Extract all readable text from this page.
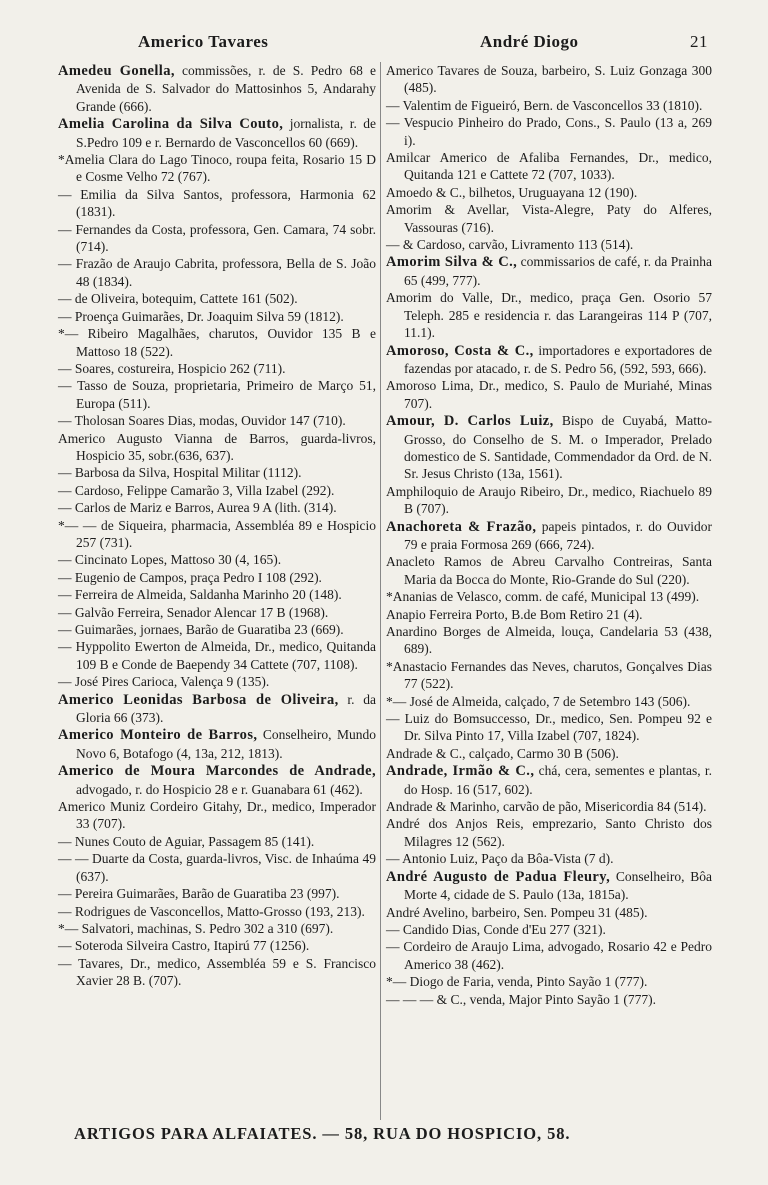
Americo Tavares	André Diogo	21
Amedeu Gonella, commissões, r. de S. Pedro 68 e Avenida de S. Salvador do Mattosinhos 5, Andarahy Grande (666).
Amelia Carolina da Silva Couto, jornalista, r. de S.Pedro 109 e r. Bernardo de Vasconcellos 60 (669).
*Amelia Clara do Lago Tinoco, roupa feita, Rosario 15 D e Cosme Velho 72 (767).
— Emilia da Silva Santos, professora, Harmonia 62 (1831).
— Fernandes da Costa, professora, Gen. Camara, 74 sobr. (714).
— Frazão de Araujo Cabrita, professora, Bella de S. João 48 (1834).
— de Oliveira, botequim, Cattete 161 (502).
— Proença Guimarães, Dr. Joaquim Silva 59 (1812).
*— Ribeiro Magalhães, charutos, Ouvidor 135 B e Mattoso 18 (522).
— Soares, costureira, Hospicio 262 (711).
— Tasso de Souza, proprietaria, Primeiro de Março 51, Europa (511).
— Tholosan Soares Dias, modas, Ouvidor 147 (710).
Americo Augusto Vianna de Barros, guarda-livros, Hospicio 35, sobr.(636, 637).
— Barbosa da Silva, Hospital Militar (1112).
— Cardoso, Felippe Camarão 3, Villa Izabel (292).
— Carlos de Mariz e Barros, Aurea 9 A (lith. (314).
*— — de Siqueira, pharmacia, Assembléa 89 e Hospicio 257 (731).
— Cincinato Lopes, Mattoso 30 (4, 165).
— Eugenio de Campos, praça Pedro I 108 (292).
— Ferreira de Almeida, Saldanha Marinho 20 (148).
— Galvão Ferreira, Senador Alencar 17 B (1968).
— Guimarães, jornaes, Barão de Guaratiba 23 (669).
— Hyppolito Ewerton de Almeida, Dr., medico, Quitanda 109 B e Conde de Baependy 34 Cattete (707, 1108).
— José Pires Carioca, Valença 9 (135).
Americo Leonidas Barbosa de Oliveira, r. da Gloria 66 (373).
Americo Monteiro de Barros, Conselheiro, Mundo Novo 6, Botafogo (4, 13a, 212, 1813).
Americo de Moura Marcondes de Andrade, advogado, r. do Hospicio 28 e r. Guanabara 61 (462).
Americo Muniz Cordeiro Gitahy, Dr., medico, Imperador 33 (707).
— Nunes Couto de Aguiar, Passagem 85 (141).
— — Duarte da Costa, guarda-livros, Visc. de Inhaúma 49 (637).
— Pereira Guimarães, Barão de Guaratiba 23 (997).
— Rodrigues de Vasconcellos, Matto-Grosso (193, 213).
*— Salvatori, machinas, S. Pedro 302 a 310 (697).
— Soteroda Silveira Castro, Itapirú 77 (1256).
— Tavares, Dr., medico, Assembléa 59 e S. Francisco Xavier 28 B. (707).
Americo Tavares de Souza, barbeiro, S. Luiz Gonzaga 300 (485).
— Valentim de Figueiró, Bern. de Vasconcellos 33 (1810).
— Vespucio Pinheiro do Prado, Cons., S. Paulo (13 a, 269 i).
Amilcar Americo de Afaliba Fernandes, Dr., medico, Quitanda 121 e Cattete 72 (707, 1033).
Amoedo & C., bilhetos, Uruguayana 12 (190).
Amorim & Avellar, Vista-Alegre, Paty do Alferes, Vassouras (716).
— & Cardoso, carvão, Livramento 113 (514).
Amorim Silva & C., commissarios de café, r. da Prainha 65 (499, 777).
Amorim do Valle, Dr., medico, praça Gen. Osorio 57 Teleph. 285 e residencia r. das Larangeiras 114 P (707, 11.1).
Amoroso, Costa & C., importadores e exportadores de fazendas por atacado, r. de S. Pedro 56, (592, 593, 666).
Amoroso Lima, Dr., medico, S. Paulo de Muriahé, Minas 707).
Amour, D. Carlos Luiz, Bispo de Cuyabá, Matto-Grosso, do Conselho de S. M. o Imperador, Prelado domestico de S. Santidade, Commendador da Ord. de N. Sr. Jesus Christo (13a, 1561).
Amphiloquio de Araujo Ribeiro, Dr., medico, Riachuelo 89 B (707).
Anachoreta & Frazão, papeis pintados, r. do Ouvidor 79 e praia Formosa 269 (666, 724).
Anacleto Ramos de Abreu Carvalho Contreiras, Santa Maria da Bocca do Monte, Rio-Grande do Sul (220).
*Ananias de Velasco, comm. de café, Municipal 13 (499).
Anapio Ferreira Porto, B.de Bom Retiro 21 (4).
Anardino Borges de Almeida, louça, Candelaria 53 (438, 689).
*Anastacio Fernandes das Neves, charutos, Gonçalves Dias 77 (522).
*— José de Almeida, calçado, 7 de Setembro 143 (506).
— Luiz do Bomsuccesso, Dr., medico, Sen. Pompeu 92 e Dr. Silva Pinto 17, Villa Izabel (707, 1824).
Andrade & C., calçado, Carmo 30 B (506).
Andrade, Irmão & C., chá, cera, sementes e plantas, r. do Hosp. 16 (517, 602).
Andrade & Marinho, carvão de pão, Misericordia 84 (514).
André dos Anjos Reis, emprezario, Santo Christo dos Milagres 12 (562).
— Antonio Luiz, Paço da Bôa-Vista (7 d).
André Augusto de Padua Fleury, Conselheiro, Bôa Morte 4, cidade de S. Paulo (13a, 1815a).
André Avelino, barbeiro, Sen. Pompeu 31 (485).
— Candido Dias, Conde d'Eu 277 (321).
— Cordeiro de Araujo Lima, advogado, Rosario 42 e Pedro Americo 38 (462).
*— Diogo de Faria, venda, Pinto Sayão 1 (777).
— — — & C., venda, Major Pinto Sayão 1 (777).
ARTIGOS PARA ALFAIATES. — 58, RUA DO HOSPICIO, 58.
